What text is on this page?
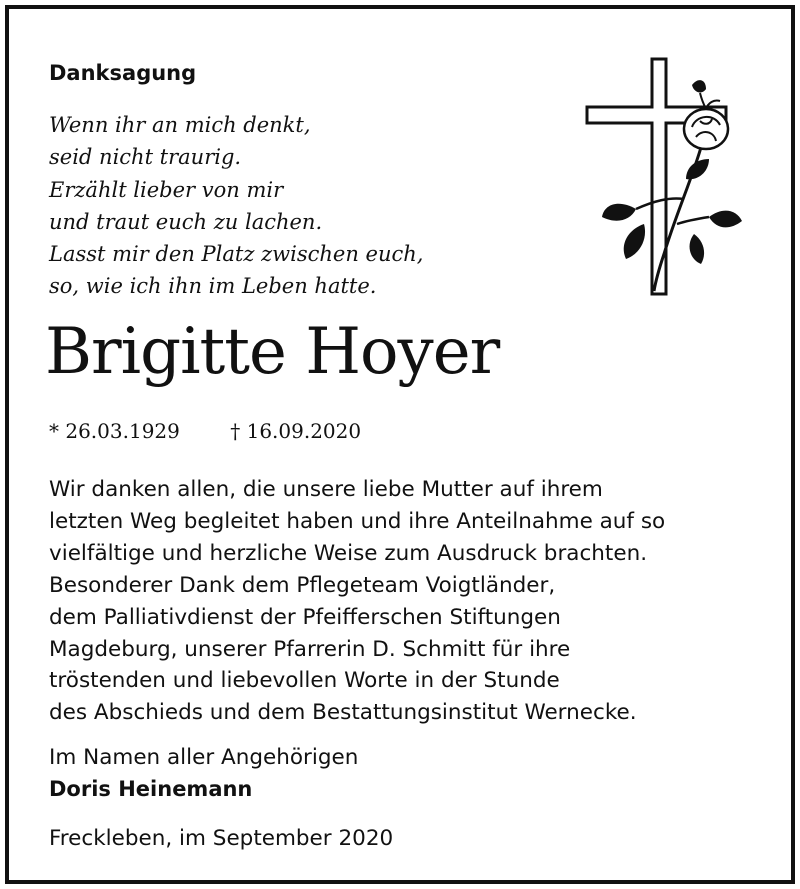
Danksagung
Wenn ihr an mich denkt,
seid nicht traurig.
Erzählt lieber von mir
und traut euch zu lachen.
Lasst mir den Platz zwischen euch,
so, wie ich ihn im Leben hatte.
Brigitte Hoyer
* 26.03.1929	† 16.09.2020
Wir danken allen, die unsere liebe Mutter auf ihrem
letzten Weg begleitet haben und ihre Anteilnahme auf so
vielfältige und herzliche Weise zum Ausdruck brachten.
Besonderer Dank dem Pflegeteam Voigtländer,
dem Palliativdienst der Pfeifferschen Stiftungen
Magdeburg, unserer Pfarrerin D. Schmitt für ihre
tröstenden und liebevollen Worte in der Stunde
des Abschieds und dem Bestattungsinstitut Wernecke.
Im Namen aller Angehörigen
Doris Heinemann
Freckleben, im September 2020
